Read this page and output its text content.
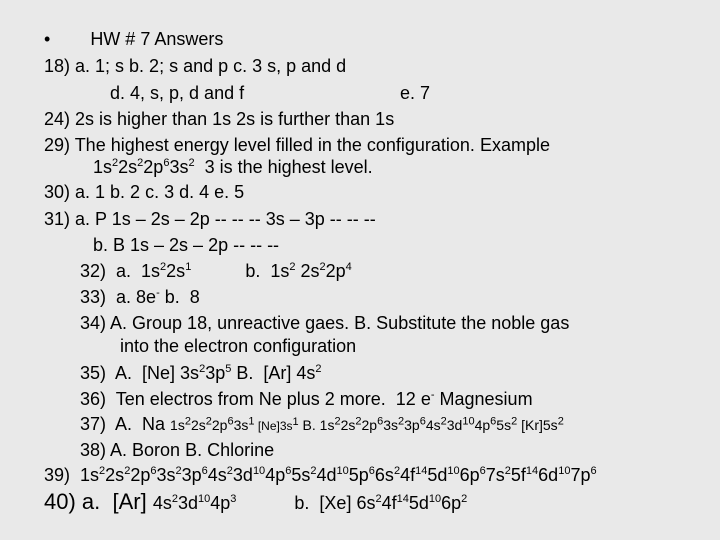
• HW # 7 Answers
18) a. 1; s b. 2; s and p c. 3 s, p and d
d. 4, s, p, d and f	e. 7
24) 2s is higher than 1s 2s is further than 1s
29) The highest energy level filled in the configuration. Example
$1s^22s^22p^63s^2$  3 is the highest level.
30) a. 1 b. 2 c. 3 d. 4 e. 5
31) a. P 1s – 2s – 2p -- -- -- 3s – 3p -- -- --
b. B 1s – 2s – 2p -- -- --
32)  a.  $1s^22s^1$	b.  $1s^2$ $2s^22p^4$
33)  a. 8e- b.  8
34) A. Group 18, unreactive gaes. B. Substitute the noble gas
into the electron configuration
35)  A.  [Ne] $3s^23p^5$ B.  [Ar] $4s^2$
36)  Ten electros from Ne plus 2 more.  12 e- Magnesium
37)  A.  Na $1s^22s^22p^63s^1$ $[Ne]3s^1$ B. $1s^22s^22p^63s^23p^64s^23d^{10}4p^65s^2$ $[Kr]5s^2$
38) A. Boron B. Chlorine
39)  $1s^22s^22p^63s^23p^64s^23d^{10}4p^65s^24d^{10}5p^66s^24f^{14}5d^{10}6p^67s^25f^{14}6d^{10}7p^6$
40) a.  [Ar] $4s^23d^{10}4p^3$	b.  [Xe] $6s^24f^{14}5d^{10}6p^2$
